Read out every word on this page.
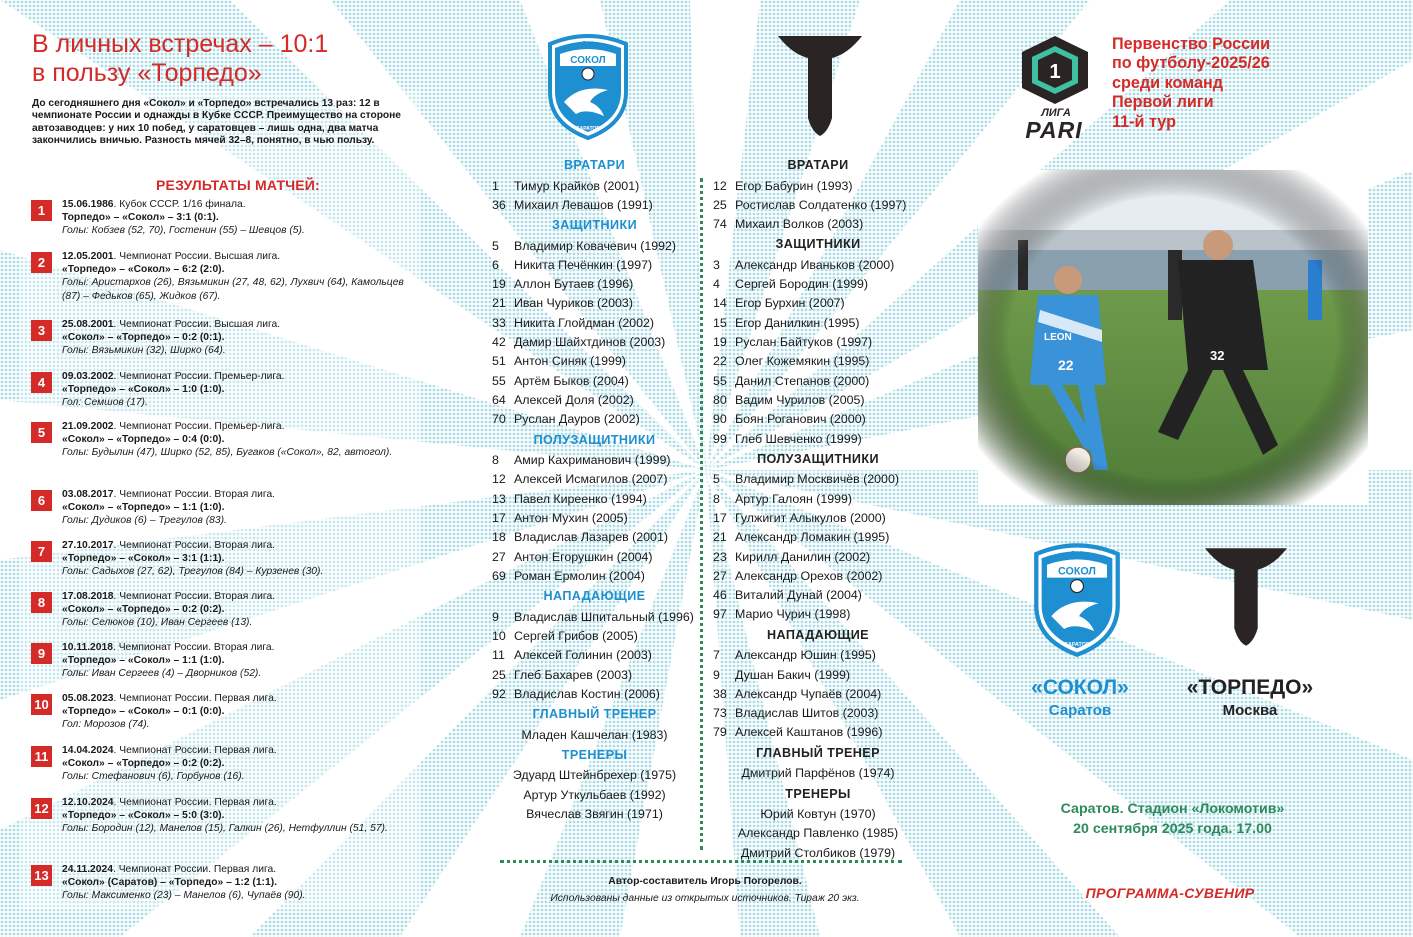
В личных встречах – 10:1
в пользу «Торпедо»
До сегодняшнего дня «Сокол» и «Торпедо» встречались 13 раз: 12 в чемпионате России и однажды в Кубке СССР. Преимущество на стороне автозаводцев: у них 10 побед, у саратовцев – лишь одна, два матча закончились вничью. Разность мячей 32–8, понятно, в чью пользу.
РЕЗУЛЬТАТЫ МАТЧЕЙ:
1	15.06.1986. Кубок СССР. 1/16 финала.
Торпедо» – «Сокол» – 3:1 (0:1).
Голы: Кобзев (52, 70), Гостенин (55) – Шевцов (5).
2	12.05.2001. Чемпионат России. Высшая лига.
«Торпедо» – «Сокол» – 6:2 (2:0).
Голы: Аристархов (26), Вязьмикин (27, 48, 62), Лухвич (64), Камольцев (87) – Федьков (65), Жидков (67).
3	25.08.2001. Чемпионат России. Высшая лига.
«Сокол» – «Торпедо» – 0:2 (0:1).
Голы: Вязьмикин (32), Ширко (64).
4	09.03.2002. Чемпионат России. Премьер-лига.
«Торпедо» – «Сокол» – 1:0 (1:0).
Гол: Семшов (17).
5	21.09.2002. Чемпионат России. Премьер-лига.
«Сокол» – «Торпедо» – 0:4 (0:0).
Голы: Будылин (47), Ширко (52, 85), Бугаков («Сокол», 82, автогол).
6	03.08.2017. Чемпионат России. Вторая лига.
«Сокол» – «Торпедо» – 1:1 (1:0).
Голы: Дудиков (6) – Трегулов (83).
7	27.10.2017. Чемпионат России. Вторая лига.
«Торпедо» – «Сокол» – 3:1 (1:1).
Голы: Садыхов (27, 62), Трегулов (84) – Курзенев (30).
8	17.08.2018. Чемпионат России. Вторая лига.
«Сокол» – «Торпедо» – 0:2 (0:2).
Голы: Селюков (10), Иван Сергеев (13).
9	10.11.2018. Чемпионат России. Вторая лига.
«Торпедо» – «Сокол» – 1:1 (1:0).
Голы: Иван Сергеев (4) – Дворников (52).
10	05.08.2023. Чемпионат России. Первая лига.
«Торпедо» – «Сокол» – 0:1 (0:0).
Гол: Морозов (74).
11	14.04.2024. Чемпионат России. Первая лига.
«Сокол» – «Торпедо» – 0:2 (0:2).
Голы: Стефанович (6), Горбунов (16).
12	12.10.2024. Чемпионат России. Первая лига.
«Торпедо» – «Сокол» – 5:0 (3:0).
Голы: Бородин (12), Манелов (15), Галкин (26), Нетфуллин (51, 57).
13	24.11.2024. Чемпионат России. Первая лига.
«Сокол» (Саратов) – «Торпедо» – 1:2 (1:1).
Голы: Максименко (23) – Манелов (6), Чупаёв (90).
СОКОЛ
ПФК
САРАТОВ
1
ЛИГА
PARI
ВРАТАРИ
1	Тимур Крайков (2001)
36 Михаил Левашов (1991)
ЗАЩИТНИКИ
5	Владимир Ковачевич (1992)
6	Никита Печёнкин (1997)
19 Аллон Бутаев (1996)
21 Иван Чуриков (2003)
33 Никита Глойдман (2002)
42 Дамир Шайхтдинов (2003)
51 Антон Синяк (1999)
55 Артём Быков (2004)
64 Алексей Доля (2002)
70 Руслан Дауров (2002)
ПОЛУЗАЩИТНИКИ
8	Амир Кахриманович (1999)
12 Алексей Исмагилов (2007)
13 Павел Киреенко (1994)
17 Антон Мухин (2005)
18 Владислав Лазарев (2001)
27 Антон Егорушкин (2004)
69 Роман Ермолин (2004)
НАПАДАЮЩИЕ
9	Владислав Шпитальный (1996)
10 Сергей Грибов (2005)
11 Алексей Голинин (2003)
25 Глеб Бахарев (2003)
92 Владислав Костин (2006)
ГЛАВНЫЙ ТРЕНЕР
Младен Кашчелан (1983)
ТРЕНЕРЫ
Эдуард Штейнбрехер (1975)
Артур Уткульбаев (1992)
Вячеслав Звягин (1971)
ВРАТАРИ
12 Егор Бабурин (1993)
25 Ростислав Солдатенко (1997)
74 Михаил Волков (2003)
ЗАЩИТНИКИ
3	Александр Иваньков (2000)
4	Сергей Бородин (1999)
14 Егор Бурхин (2007)
15 Егор Данилкин (1995)
19 Руслан Байтуков (1997)
22 Олег Кожемякин (1995)
55 Данил Степанов (2000)
80 Вадим Чурилов (2005)
90 Боян Роганович (2000)
99 Глеб Шевченко (1999)
ПОЛУЗАЩИТНИКИ
5	Владимир Москвичёв (2000)
8	Артур Галоян (1999)
17 Гулжигит Алыкулов (2000)
21 Александр Ломакин (1995)
23 Кирилл Данилин (2002)
27 Александр Орехов (2002)
46 Виталий Дунай (2004)
97 Марио Чурич (1998)
НАПАДАЮЩИЕ
7	Александр Юшин (1995)
9	Душан Бакич (1999)
38 Александр Чупаёв (2004)
73 Владислав Шитов (2003)
79 Алексей Каштанов (1996)
ГЛАВНЫЙ ТРЕНЕР
Дмитрий Парфёнов (1974)
ТРЕНЕРЫ
Юрий Ковтун (1970)
Александр Павленко (1985)
Дмитрий Столбиков (1979)
Автор-составитель Игорь Погорелов.
Использованы данные из открытых источников. Тираж 20 экз.
Первенство России
по футболу-2025/26
среди команд
Первой лиги
11-й тур
СОКОЛ
ПФК
САРАТОВ
«СОКОЛ»
Саратов
«ТОРПЕДО»
Москва
Саратов. Стадион «Локомотив»
20 сентября 2025 года. 17.00
ПРОГРАММА-СУВЕНИР
